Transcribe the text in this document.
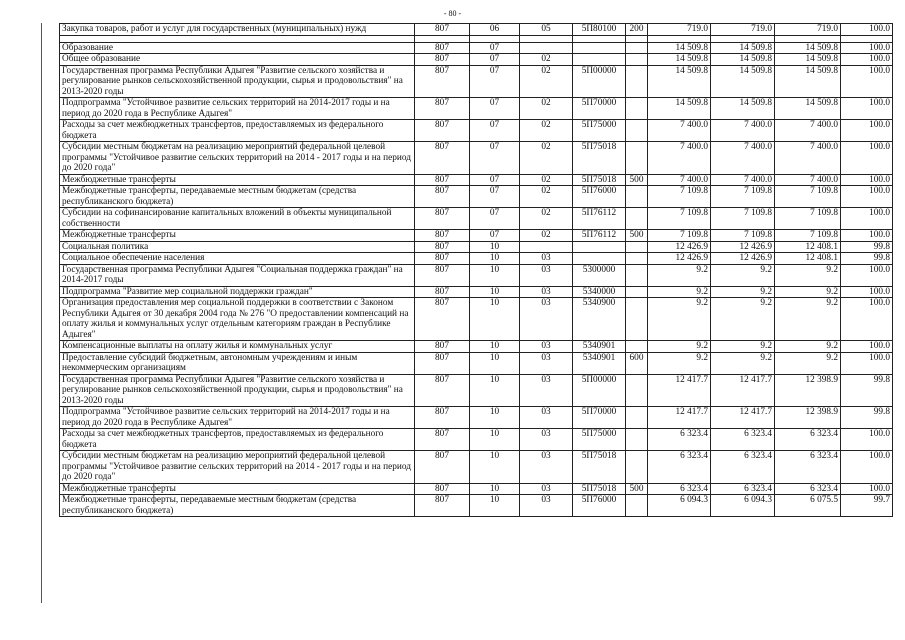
- 80 -
Закупка товаров, работ и услуг для государственных (муниципальных) нужд	807	06	05	5П80100	200	719.0	719.0	719.0	100.0

Образование	807	07				14 509.8	14 509.8	14 509.8	100.0
Общее образование	807	07	02			14 509.8	14 509.8	14 509.8	100.0
Государственная программа Республики Адыгея "Развитие сельского хозяйства и регулирование рынков сельскохозяйственной продукции, сырья и продовольствия" на 2013-2020 годы	807	07	02	5П00000		14 509.8	14 509.8	14 509.8	100.0
Подпрограмма "Устойчивое развитие сельских территорий на 2014-2017 годы и на период до 2020 года в Республике Адыгея"	807	07	02	5П70000		14 509.8	14 509.8	14 509.8	100.0
Расходы за счет межбюджетных трансфертов, предоставляемых из федерального бюджета	807	07	02	5П75000		7 400.0	7 400.0	7 400.0	100.0
Субсидии местным бюджетам на реализацию мероприятий федеральной целевой программы "Устойчивое развитие сельских территорий на 2014 - 2017 годы и на период до 2020 года"	807	07	02	5П75018		7 400.0	7 400.0	7 400.0	100.0
Межбюджетные трансферты	807	07	02	5П75018	500	7 400.0	7 400.0	7 400.0	100.0
Межбюджетные трансферты, передаваемые местным бюджетам (средства республиканского бюджета)	807	07	02	5П76000		7 109.8	7 109.8	7 109.8	100.0
Субсидии на софинансирование капитальных вложений в объекты муниципальной собственности	807	07	02	5П76112		7 109.8	7 109.8	7 109.8	100.0
Межбюджетные трансферты	807	07	02	5П76112	500	7 109.8	7 109.8	7 109.8	100.0
Социальная политика	807	10				12 426.9	12 426.9	12 408.1	99.8
Социальное обеспечение населения	807	10	03			12 426.9	12 426.9	12 408.1	99.8
Государственная программа Республики Адыгея "Социальная поддержка граждан" на 2014-2017 годы	807	10	03	5300000		9.2	9.2	9.2	100.0
Подпрограмма "Развитие мер социальной поддержки граждан"	807	10	03	5340000		9.2	9.2	9.2	100.0
Организация предоставления мер социальной поддержки в соответствии с Законом Республики Адыгея от 30 декабря 2004 года № 276 "О предоставлении компенсаций на оплату жилья и коммунальных услуг отдельным категориям граждан в Республике Адыгея"	807	10	03	5340900		9.2	9.2	9.2	100.0
Компенсационные выплаты на оплату жилья и коммунальных услуг	807	10	03	5340901		9.2	9.2	9.2	100.0
Предоставление субсидий бюджетным, автономным учреждениям и иным некоммерческим организациям	807	10	03	5340901	600	9.2	9.2	9.2	100.0
Государственная программа Республики Адыгея "Развитие сельского хозяйства и регулирование рынков сельскохозяйственной продукции, сырья и продовольствия" на 2013-2020 годы	807	10	03	5П00000		12 417.7	12 417.7	12 398.9	99.8
Подпрограмма "Устойчивое развитие сельских территорий на 2014-2017 годы и на период до 2020 года в Республике Адыгея"	807	10	03	5П70000		12 417.7	12 417.7	12 398.9	99.8
Расходы за счет межбюджетных трансфертов, предоставляемых из федерального бюджета	807	10	03	5П75000		6 323.4	6 323.4	6 323.4	100.0
Субсидии местным бюджетам на реализацию мероприятий федеральной целевой программы "Устойчивое развитие сельских территорий на 2014 - 2017 годы и на период до 2020 года"	807	10	03	5П75018		6 323.4	6 323.4	6 323.4	100.0
Межбюджетные трансферты	807	10	03	5П75018	500	6 323.4	6 323.4	6 323.4	100.0
Межбюджетные трансферты, передаваемые местным бюджетам (средства республиканского бюджета)	807	10	03	5П76000		6 094.3	6 094.3	6 075.5	99.7
